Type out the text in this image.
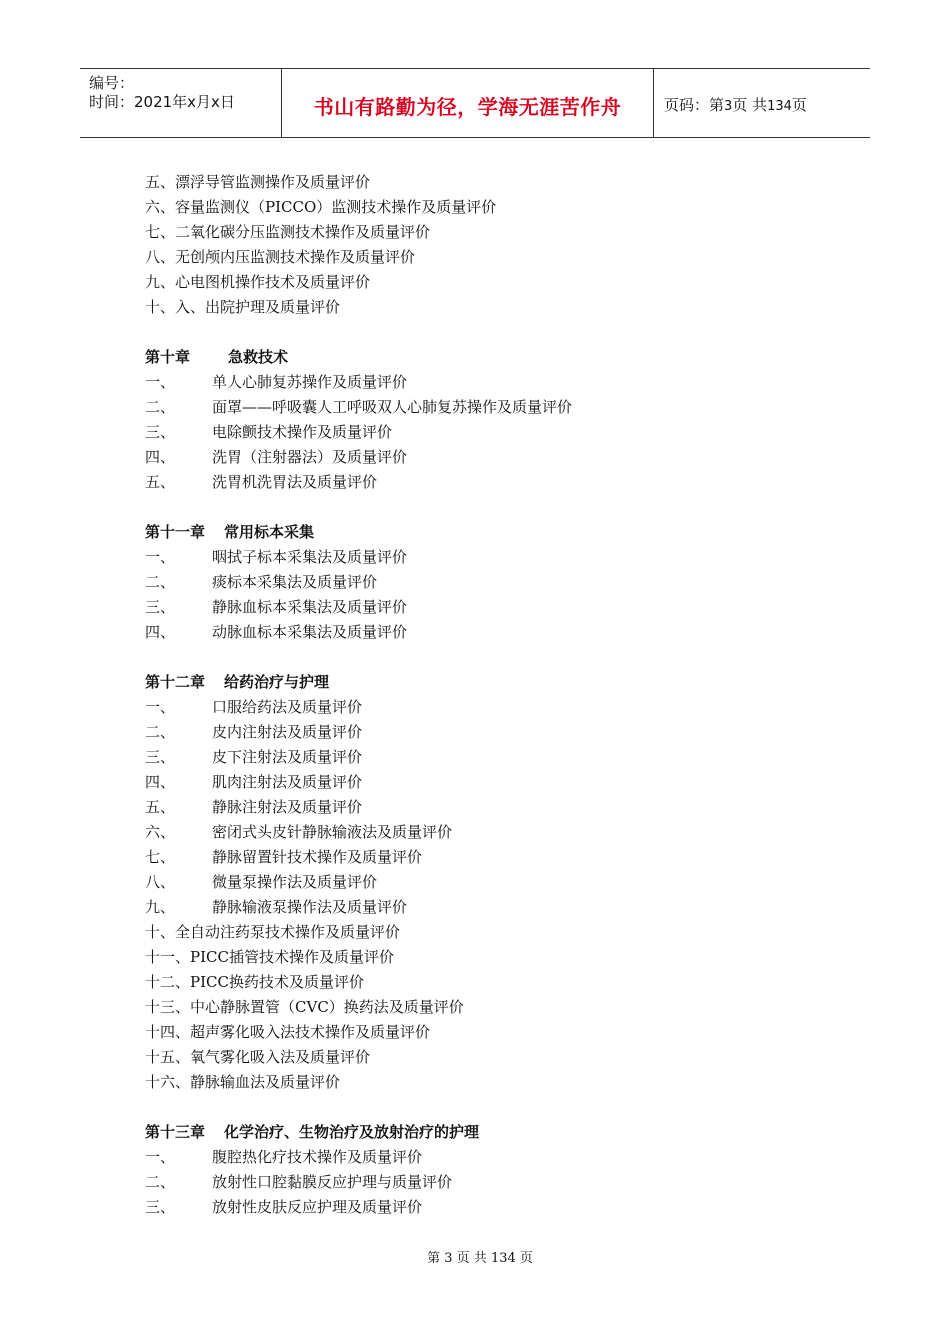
编号：
时间：2021年x月x日	书山有路勤为径，学海无涯苦作舟	页码：第3页 共134页
五、漂浮导管监测操作及质量评价
六、容量监测仪（PICCO）监测技术操作及质量评价
七、二氧化碳分压监测技术操作及质量评价
八、无创颅内压监测技术操作及质量评价
九、心电图机操作技术及质量评价
十、入、出院护理及质量评价
第十章	急救技术
一、 单人心肺复苏操作及质量评价
二、 面罩——呼吸囊人工呼吸双人心肺复苏操作及质量评价
三、 电除颤技术操作及质量评价
四、 洗胃（注射器法）及质量评价
五、 洗胃机洗胃法及质量评价
第十一章 常用标本采集
一、 咽拭子标本采集法及质量评价
二、 痰标本采集法及质量评价
三、 静脉血标本采集法及质量评价
四、 动脉血标本采集法及质量评价
第十二章 给药治疗与护理
一、 口服给药法及质量评价
二、 皮内注射法及质量评价
三、 皮下注射法及质量评价
四、 肌肉注射法及质量评价
五、 静脉注射法及质量评价
六、 密闭式头皮针静脉输液法及质量评价
七、 静脉留置针技术操作及质量评价
八、 微量泵操作法及质量评价
九、 静脉输液泵操作法及质量评价
十、全自动注药泵技术操作及质量评价
十一、PICC插管技术操作及质量评价
十二、PICC换药技术及质量评价
十三、中心静脉置管（CVC）换药法及质量评价
十四、超声雾化吸入法技术操作及质量评价
十五、氧气雾化吸入法及质量评价
十六、静脉输血法及质量评价
第十三章 化学治疗、生物治疗及放射治疗的护理
一、 腹腔热化疗技术操作及质量评价
二、 放射性口腔黏膜反应护理与质量评价
三、 放射性皮肤反应护理及质量评价
第 3 页 共 134 页
